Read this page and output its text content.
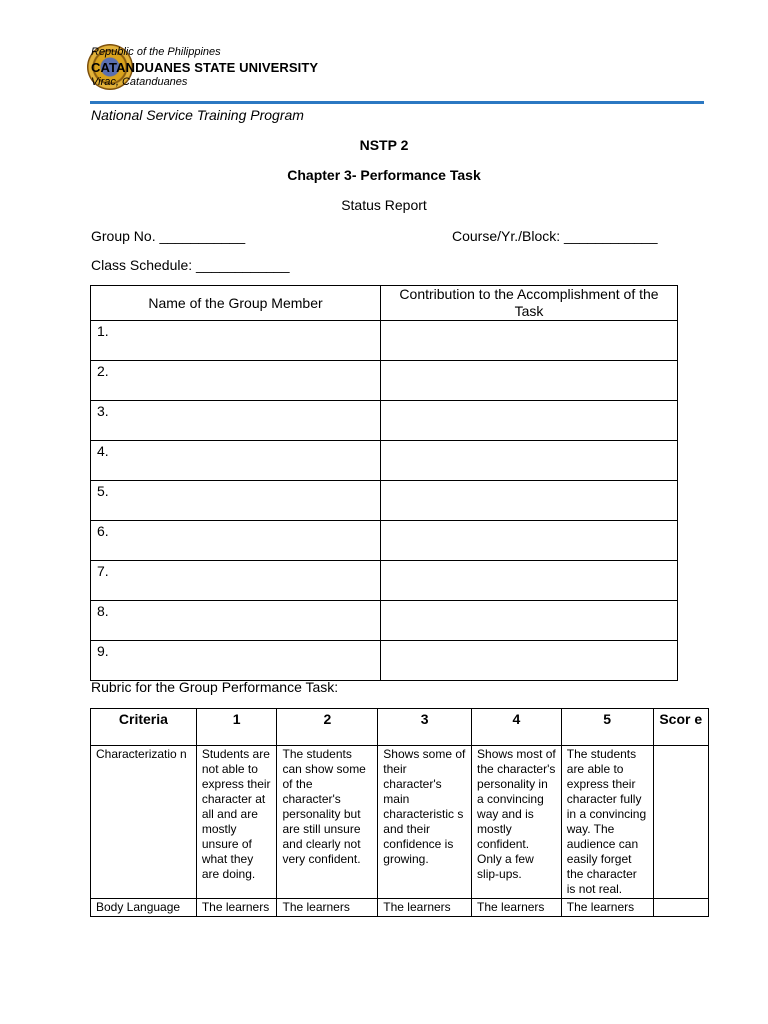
Republic of the Philippines
CATANDUANES STATE UNIVERSITY
Virac, Catanduanes
National Service Training Program
NSTP 2
Chapter 3- Performance Task
Status Report
Group No. ___________	Course/Yr./Block: ____________
Class Schedule: ____________
Name of the Group Member	Contribution to the Accomplishment of the Task
1.	
2.	
3.	
4.	
5.	
6.	
7.	
8.	
9.	
Rubric for the Group Performance Task:
Criteria	1	2	3	4	5	Scor e
Characterizatio n	Students are not able to express their character at all and are mostly unsure of what they are doing.	The students can show some of the character's personality but are still unsure and clearly not very confident.	Shows some of their character's main characteristic s and their confidence is growing.	Shows most of the character's personality in a convincing way and is mostly confident. Only a few slip-ups.	The students are able to express their character fully in a convincing way. The audience can easily forget the character is not real.	
Body Language	The learners	The learners	The learners	The learners	The learners	
